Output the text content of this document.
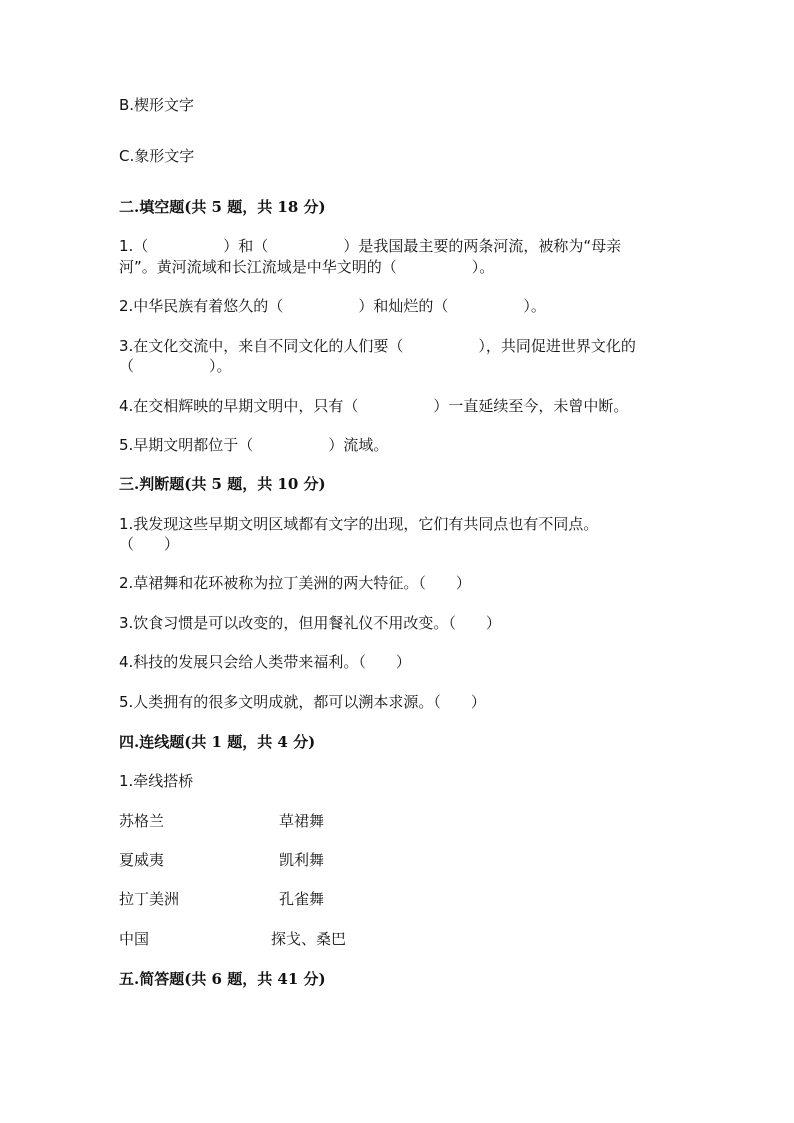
B.楔形文字
C.象形文字
二.填空题(共 5 题，共 18 分)
1.（　　　　　）和（　　　　　）是我国最主要的两条河流，被称为“母亲
河”。黄河流域和长江流域是中华文明的（　　　　　）。
2.中华民族有着悠久的（　　　　　）和灿烂的（　　　　　）。
3.在文化交流中，来自不同文化的人们要（　　　　　），共同促进世界文化的
（　　　　　）。
4.在交相辉映的早期文明中，只有（　　　　　）一直延续至今，未曾中断。
5.早期文明都位于（　　　　　）流域。
三.判断题(共 5 题，共 10 分)
1.我发现这些早期文明区域都有文字的出现，它们有共同点也有不同点。
（　　）
2.草裙舞和花环被称为拉丁美洲的两大特征。（　　）
3.饮食习惯是可以改变的，但用餐礼仪不用改变。（　　）
4.科技的发展只会给人类带来福利。（　　）
5.人类拥有的很多文明成就，都可以溯本求源。（　　）
四.连线题(共 1 题，共 4 分)
1.牵线搭桥
苏格兰	草裙舞
夏威夷	凯利舞
拉丁美洲	孔雀舞
中国	探戈、桑巴
五.简答题(共 6 题，共 41 分)
